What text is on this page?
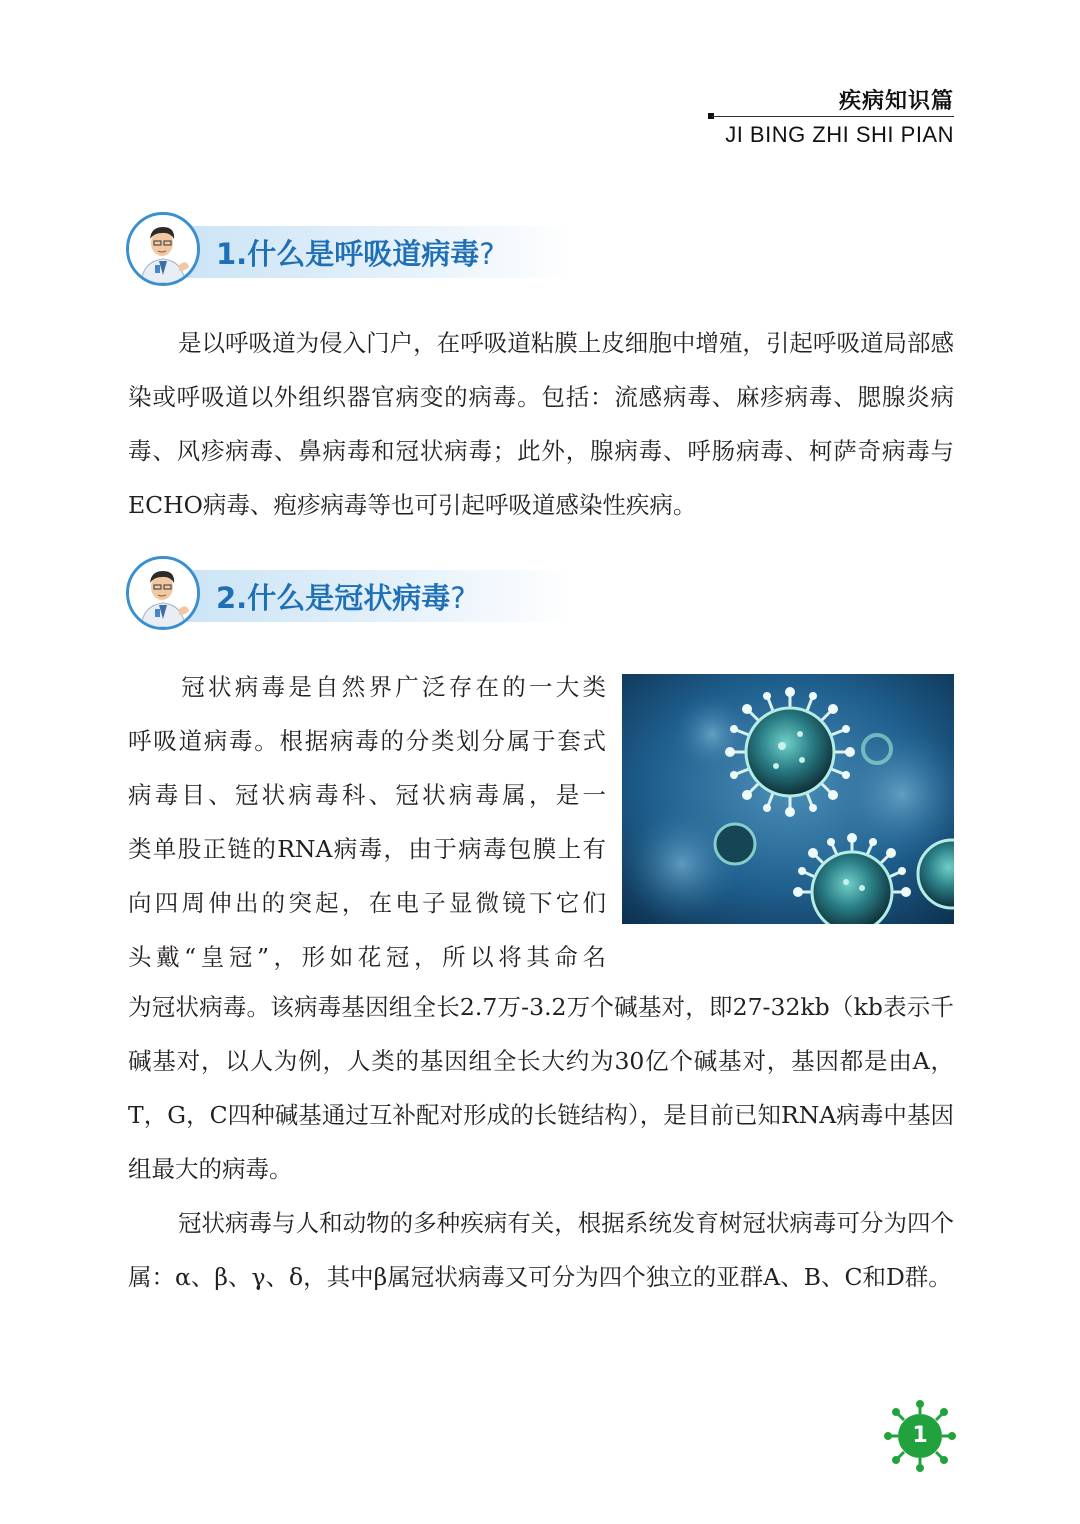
疾病知识篇
JI BING ZHI SHI PIAN
1.什么是呼吸道病毒?

是以呼吸道为侵入门户，在呼吸道粘膜上皮细胞中增殖，引起呼吸道局部感染或呼吸道以外组织器官病变的病毒。包括：流感病毒、麻疹病毒、腮腺炎病毒、风疹病毒、鼻病毒和冠状病毒；此外，腺病毒、呼肠病毒、柯萨奇病毒与ECHO病毒、疱疹病毒等也可引起呼吸道感染性疾病。

2.什么是冠状病毒?
冠状病毒是自然界广泛存在的一大类
呼吸道病毒。根据病毒的分类划分属于套式
病毒目、冠状病毒科、冠状病毒属，是一
类单股正链的RNA病毒，由于病毒包膜上有
向四周伸出的突起，在电子显微镜下它们
头戴“皇冠”，形如花冠，所以将其命名

为冠状病毒。该病毒基因组全长2.7万-3.2万个碱基对，即27-32kb（kb表示千碱基对，以人为例，人类的基因组全长大约为30亿个碱基对，基因都是由A，T，G，C四种碱基通过互补配对形成的长链结构），是目前已知RNA病毒中基因组最大的病毒。

冠状病毒与人和动物的多种疾病有关，根据系统发育树冠状病毒可分为四个属：α、β、γ、δ，其中β属冠状病毒又可分为四个独立的亚群A、B、C和D群。

1
